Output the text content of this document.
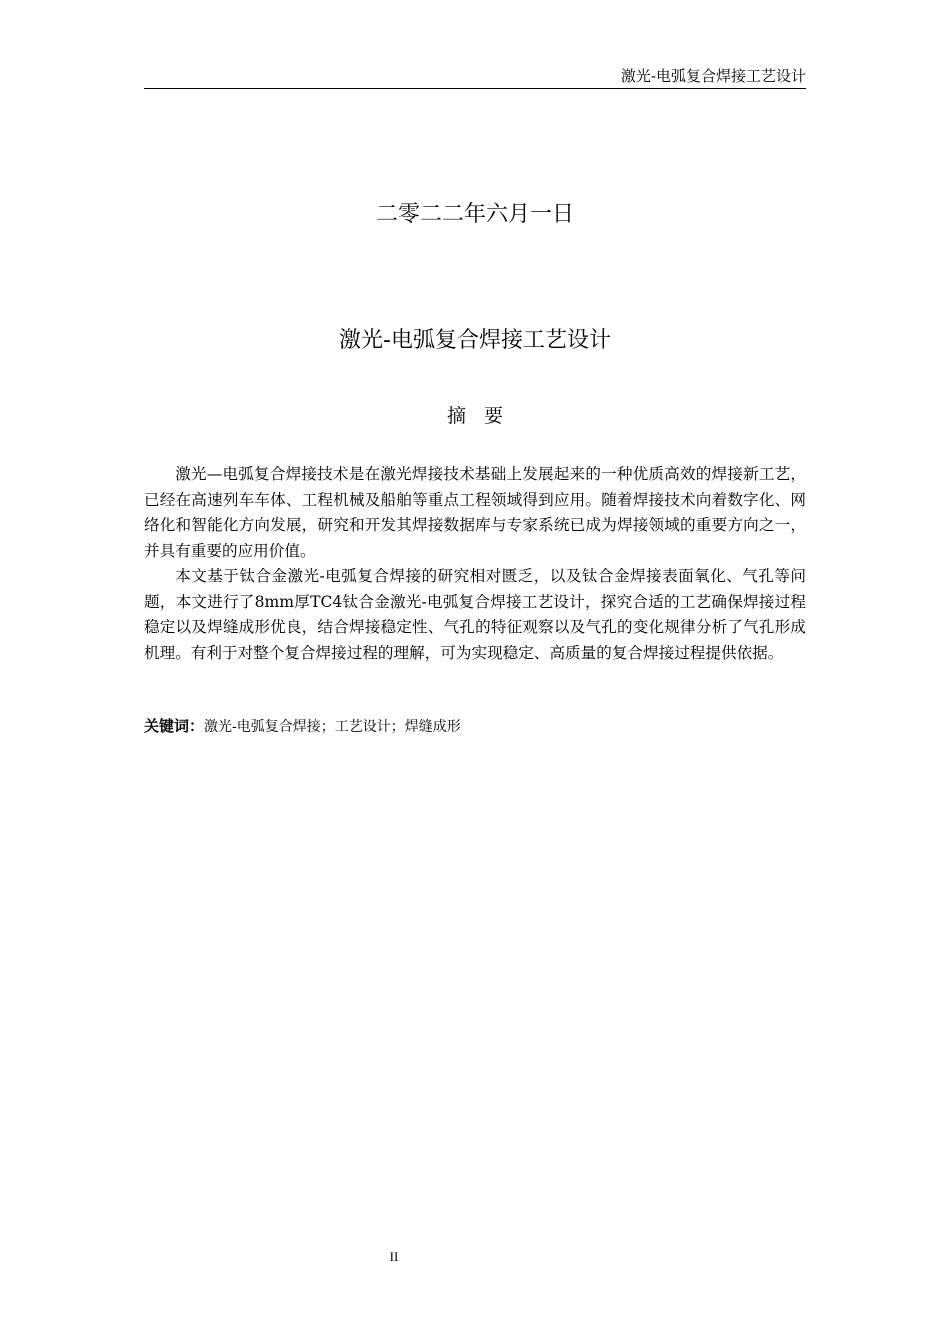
激光-电弧复合焊接工艺设计
二零二二年六月一日
激光-电弧复合焊接工艺设计
摘要

激光—电弧复合焊接技术是在激光焊接技术基础上发展起来的一种优质高效的焊接新工艺，已经在高速列车车体、工程机械及船舶等重点工程领域得到应用。随着焊接技术向着数字化、网络化和智能化方向发展，研究和开发其焊接数据库与专家系统已成为焊接领域的重要方向之一，并具有重要的应用价值。

本文基于钛合金激光-电弧复合焊接的研究相对匮乏，以及钛合金焊接表面氧化、气孔等问题，本文进行了8mm厚TC4钛合金激光-电弧复合焊接工艺设计，探究合适的工艺确保焊接过程稳定以及焊缝成形优良，结合焊接稳定性、气孔的特征观察以及气孔的变化规律分析了气孔形成机理。有利于对整个复合焊接过程的理解，可为实现稳定、高质量的复合焊接过程提供依据。

关键词：激光-电弧复合焊接；工艺设计；焊缝成形
II
